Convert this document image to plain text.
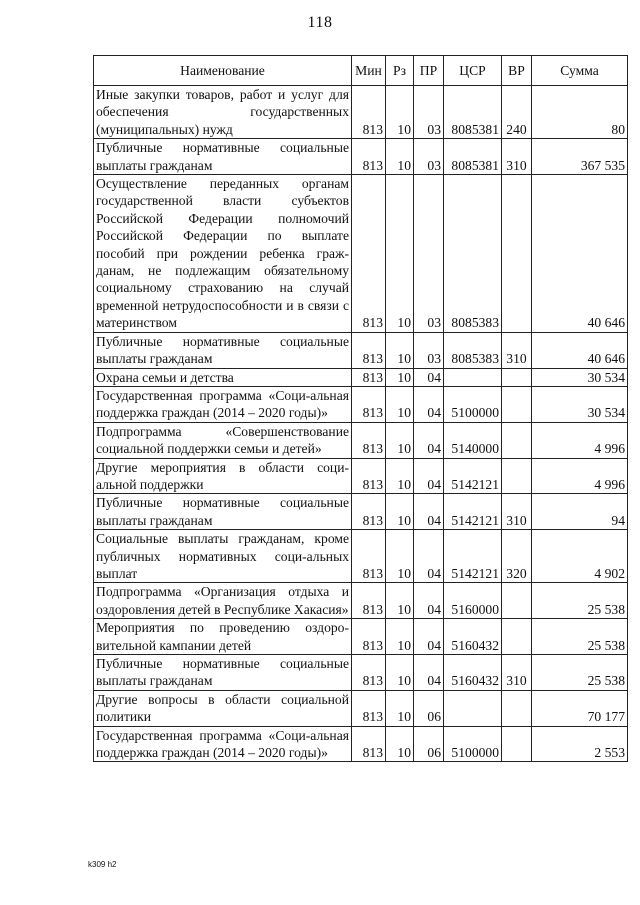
118
Наименование	Мин	Рз	ПР	ЦСР	ВР	Сумма
Иные закупки товаров, работ и услуг для обеспечения государственных (муниципальных) нужд	813	10	03	8085381	240	80
Публичные нормативные социальные выплаты гражданам	813	10	03	8085381	310	367 535
Осуществление переданных органам государственной власти субъектов Российской Федерации полномочий Российской Федерации по выплате пособий при рождении ребенка граж-данам, не подлежащим обязательному социальному страхованию на случай временной нетрудоспособности и в связи с материнством	813	10	03	8085383		40 646
Публичные нормативные социальные выплаты гражданам	813	10	03	8085383	310	40 646
Охрана семьи и детства	813	10	04			30 534
Государственная программа «Соци-альная поддержка граждан (2014 – 2020 годы)»	813	10	04	5100000		30 534
Подпрограмма «Совершенствование социальной поддержки семьи и детей»	813	10	04	5140000		4 996
Другие мероприятия в области соци-альной поддержки	813	10	04	5142121		4 996
Публичные нормативные социальные выплаты гражданам	813	10	04	5142121	310	94
Социальные выплаты гражданам, кроме публичных нормативных соци-альных выплат	813	10	04	5142121	320	4 902
Подпрограмма «Организация отдыха и оздоровления детей в Республике Хакасия»	813	10	04	5160000		25 538
Мероприятия по проведению оздоро-вительной кампании детей	813	10	04	5160432		25 538
Публичные нормативные социальные выплаты гражданам	813	10	04	5160432	310	25 538
Другие вопросы в области социальной политики	813	10	06			70 177
Государственная программа «Соци-альная поддержка граждан (2014 – 2020 годы)»	813	10	06	5100000		2 553
k309 h2
